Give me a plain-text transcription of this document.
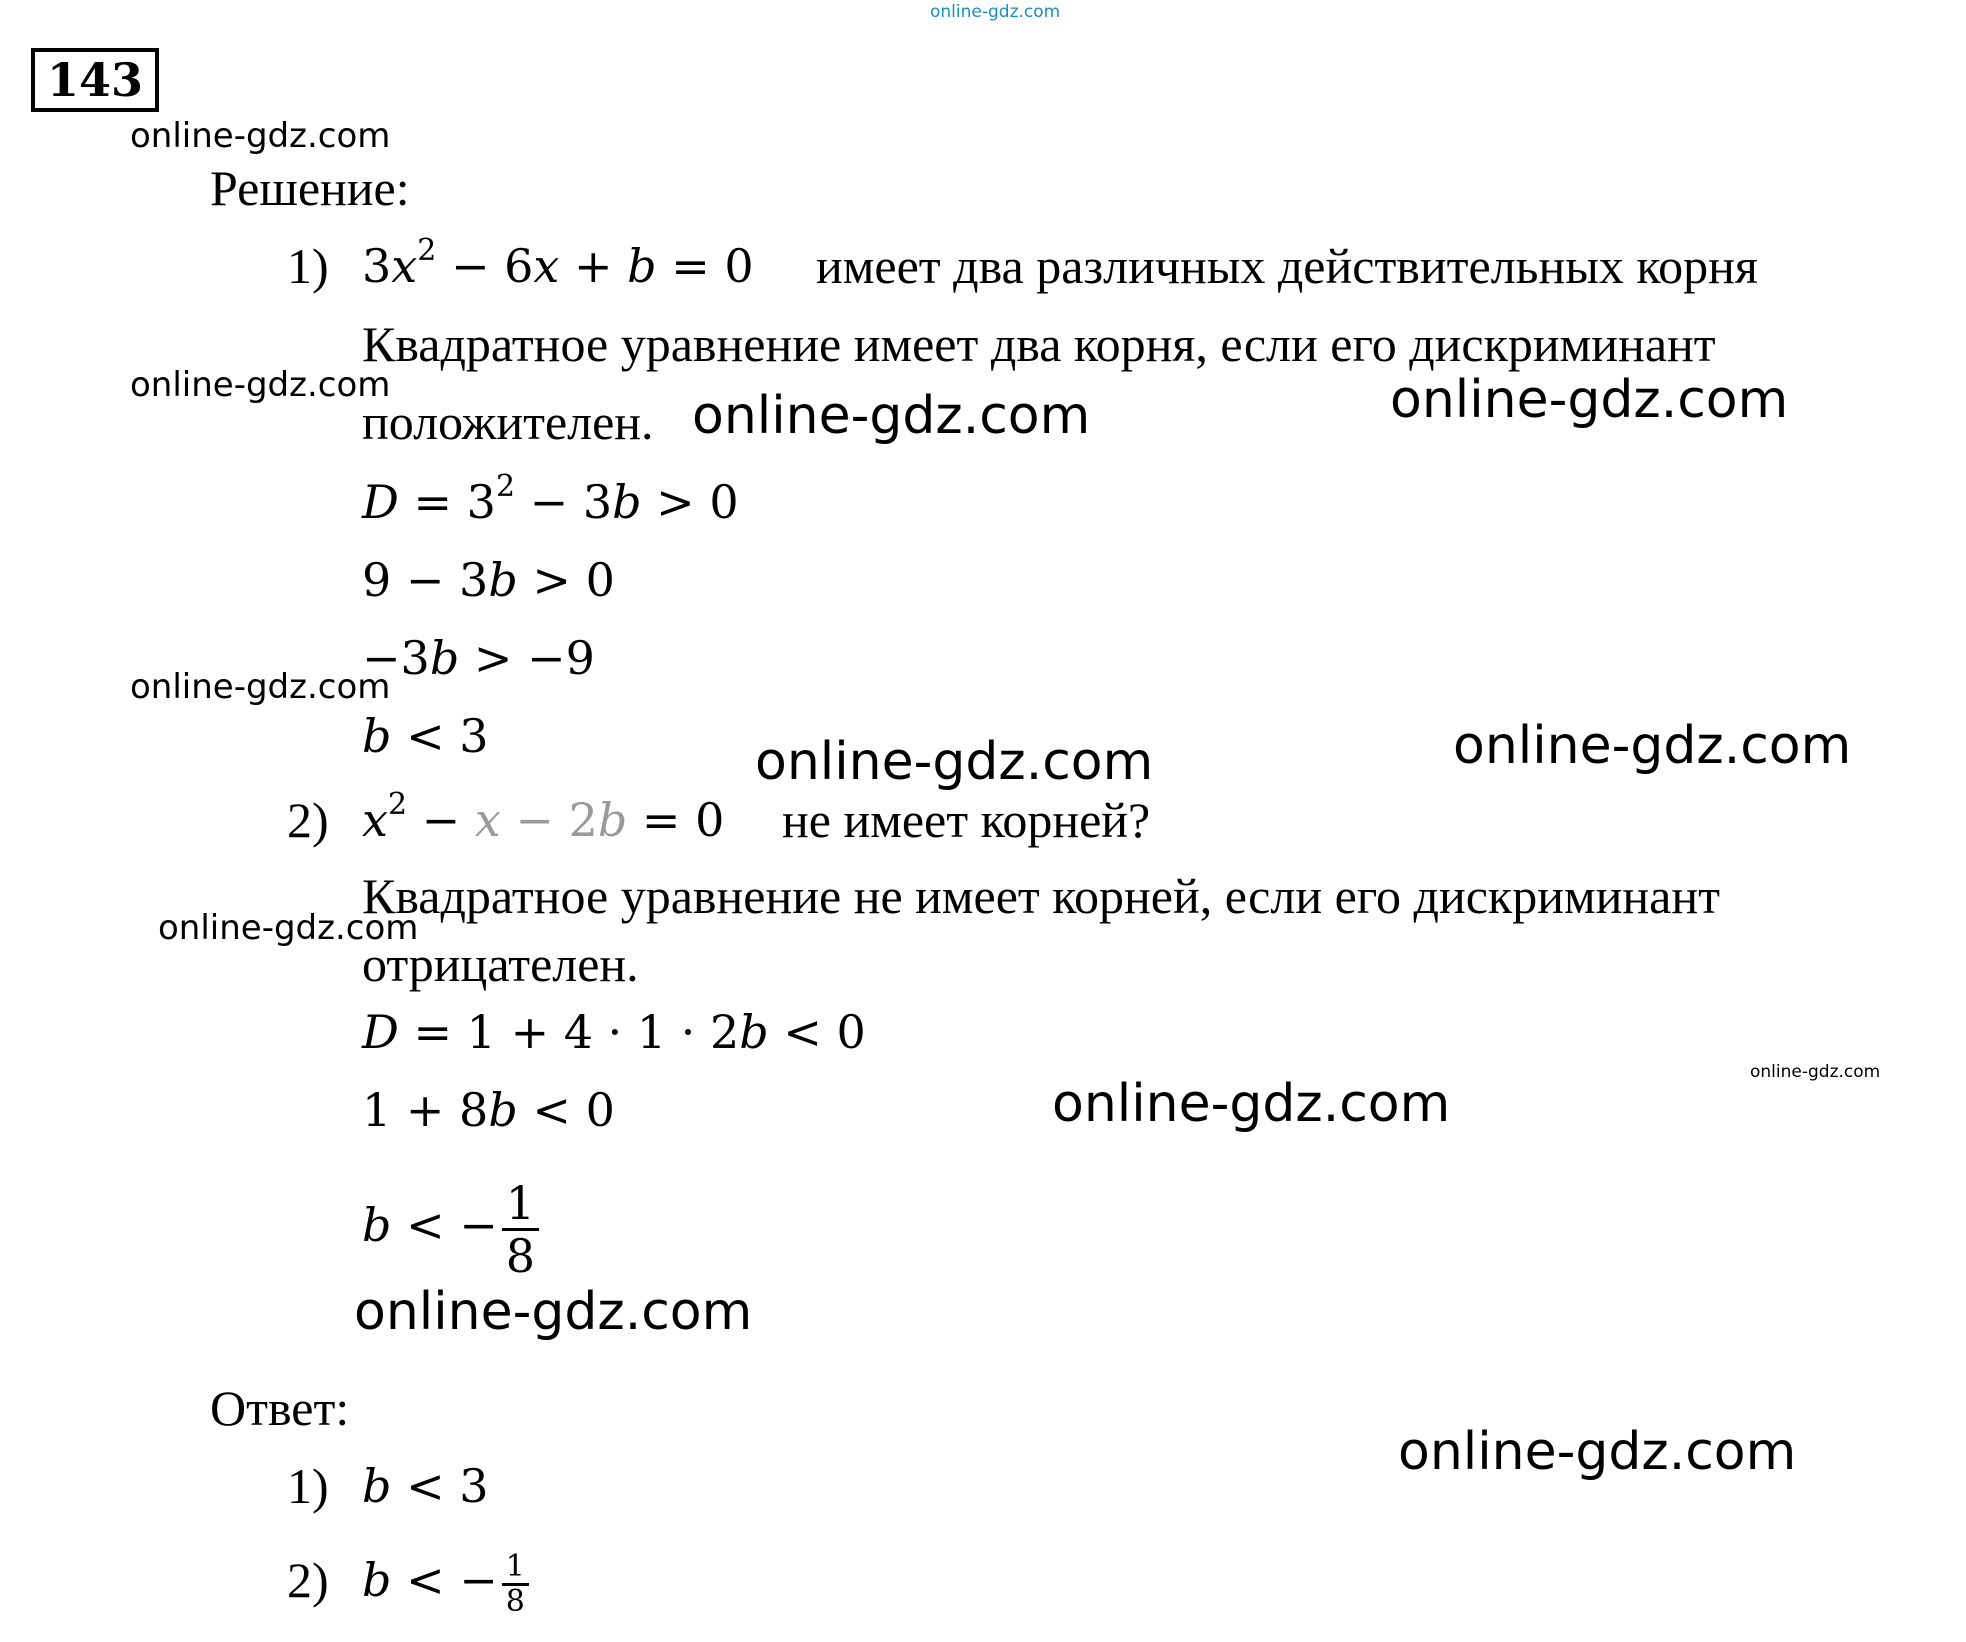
online-gdz.com
143
online-gdz.com
Решение:
1) $3x^2 - 6x + b = 0$ имеет два различных действительных корня
Квадратное уравнение имеет два корня, если его дискриминант
online-gdz.com
положителен. online-gdz.com	online-gdz.com
$D = 3^2 - 3b > 0$
9 − 3b > 0
−3b > −9
online-gdz.com
b < 3	online-gdz.com	online-gdz.com
2) $x^2 - x - 2b = 0$ не имеет корней?
Квадратное уравнение не имеет корней, если его дискриминант
online-gdz.com
отрицателен.
D = 1 + 4 · 1 · 2b < 0
online-gdz.com
1 + 8b < 0	online-gdz.com
b < − $\frac{1}{8}$
online-gdz.com
Ответ:
online-gdz.com
1) b < 3
2) b < − $\frac{1}{8}$
